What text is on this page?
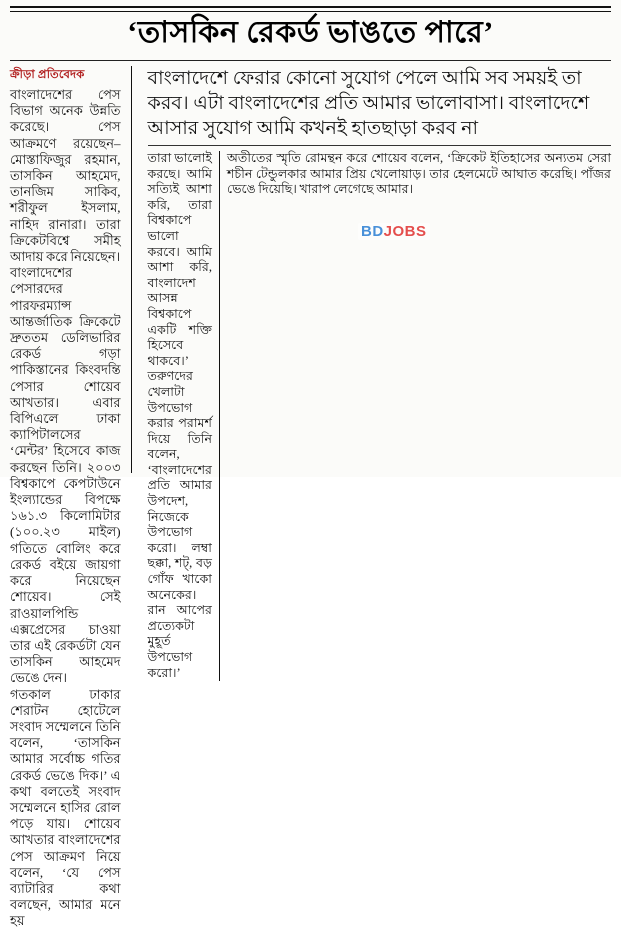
‘তাসকিন রেকর্ড ভাঙতে পারে’
ক্রীড়া প্রতিবেদক

বাংলাদেশের পেস বিভাগ অনেক উন্নতি করেছে। পেস আক্রমণে রয়েছেন– মোস্তাফিজুর রহমান, তাসকিন আহমেদ, তানজিম সাকিব, শরীফুল ইসলাম, নাহিদ রানারা। তারা ক্রিকেটবিশ্বে সমীহ আদায় করে নিয়েছেন।

বাংলাদেশের পেসারদের পারফরম্যান্স আন্তর্জাতিক ক্রিকেটে দ্রুততম ডেলিভারির রেকর্ড গড়া পাকিস্তানের কিংবদন্তি পেসার শোয়েব আখতার। এবার বিপিএলে ঢাকা ক্যাপিটালসের ‘মেন্টর’ হিসেবে কাজ করছেন তিনি। ২০০৩ বিশ্বকাপে কেপটাউনে ইংল্যান্ডের বিপক্ষে ১৬১.৩ কিলোমিটার (১০০.২৩ মাইল) গতিতে বোলিং করে রেকর্ড বইয়ে জায়গা করে নিয়েছেন শোয়েব। সেই রাওয়ালপিন্ডি এক্সপ্রেসের চাওয়া তার এই রেকর্ডটা যেন তাসকিন আহমেদ ভেঙে দেন।

গতকাল ঢাকার শেরাটন হোটেলে সংবাদ সম্মেলনে তিনি বলেন, ‘তাসকিন আমার সর্বোচ্চ গতির রেকর্ড ভেঙে দিক।’ এ কথা বলতেই সংবাদ সম্মেলনে হাসির রোল পড়ে যায়। শোয়েব আখতার বাংলাদেশের পেস আক্রমণ নিয়ে বলেন, ‘যে পেস ব্যাটারির কথা বলছেন, আমার মনে হয়

বাংলাদেশে ফেরার কোনো সুযোগ পেলে আমি সব সময়ই তা করব। এটা বাংলাদেশের প্রতি আমার ভালোবাসা। বাংলাদেশে আসার সুযোগ আমি কখনই হাতছাড়া করব না

তারা ভালোই করছে। আমি সত্যিই আশা করি, তারা বিশ্বকাপে ভালো করবে। আমি আশা করি, বাংলাদেশ আসন্ন বিশ্বকাপে একটি শক্তি হিসেবে থাকবে।’ তরুণদের খেলাটা উপভোগ করার পরামর্শ দিয়ে তিনি বলেন, ‘বাংলাদেশের প্রতি আমার উপদেশ, নিজেকে উপভোগ করো। লম্বা ছক্কা, শট্, বড় গোঁফ খাকো অনেকের। রান আপের প্রত্যেকটা মুহূর্ত উপভোগ করো।’

অতীতের স্মৃতি রোমন্থন করে শোয়েব বলেন, ‘ক্রিকেট ইতিহাসের অন্যতম সেরা শচীন টেন্ডুলকার আমার প্রিয় খেলোয়াড়। তার হেলমেটে আঘাত করেছি। পাঁজর ভেঙে দিয়েছি। খারাপ লেগেছে আমার।

BDJOBS
